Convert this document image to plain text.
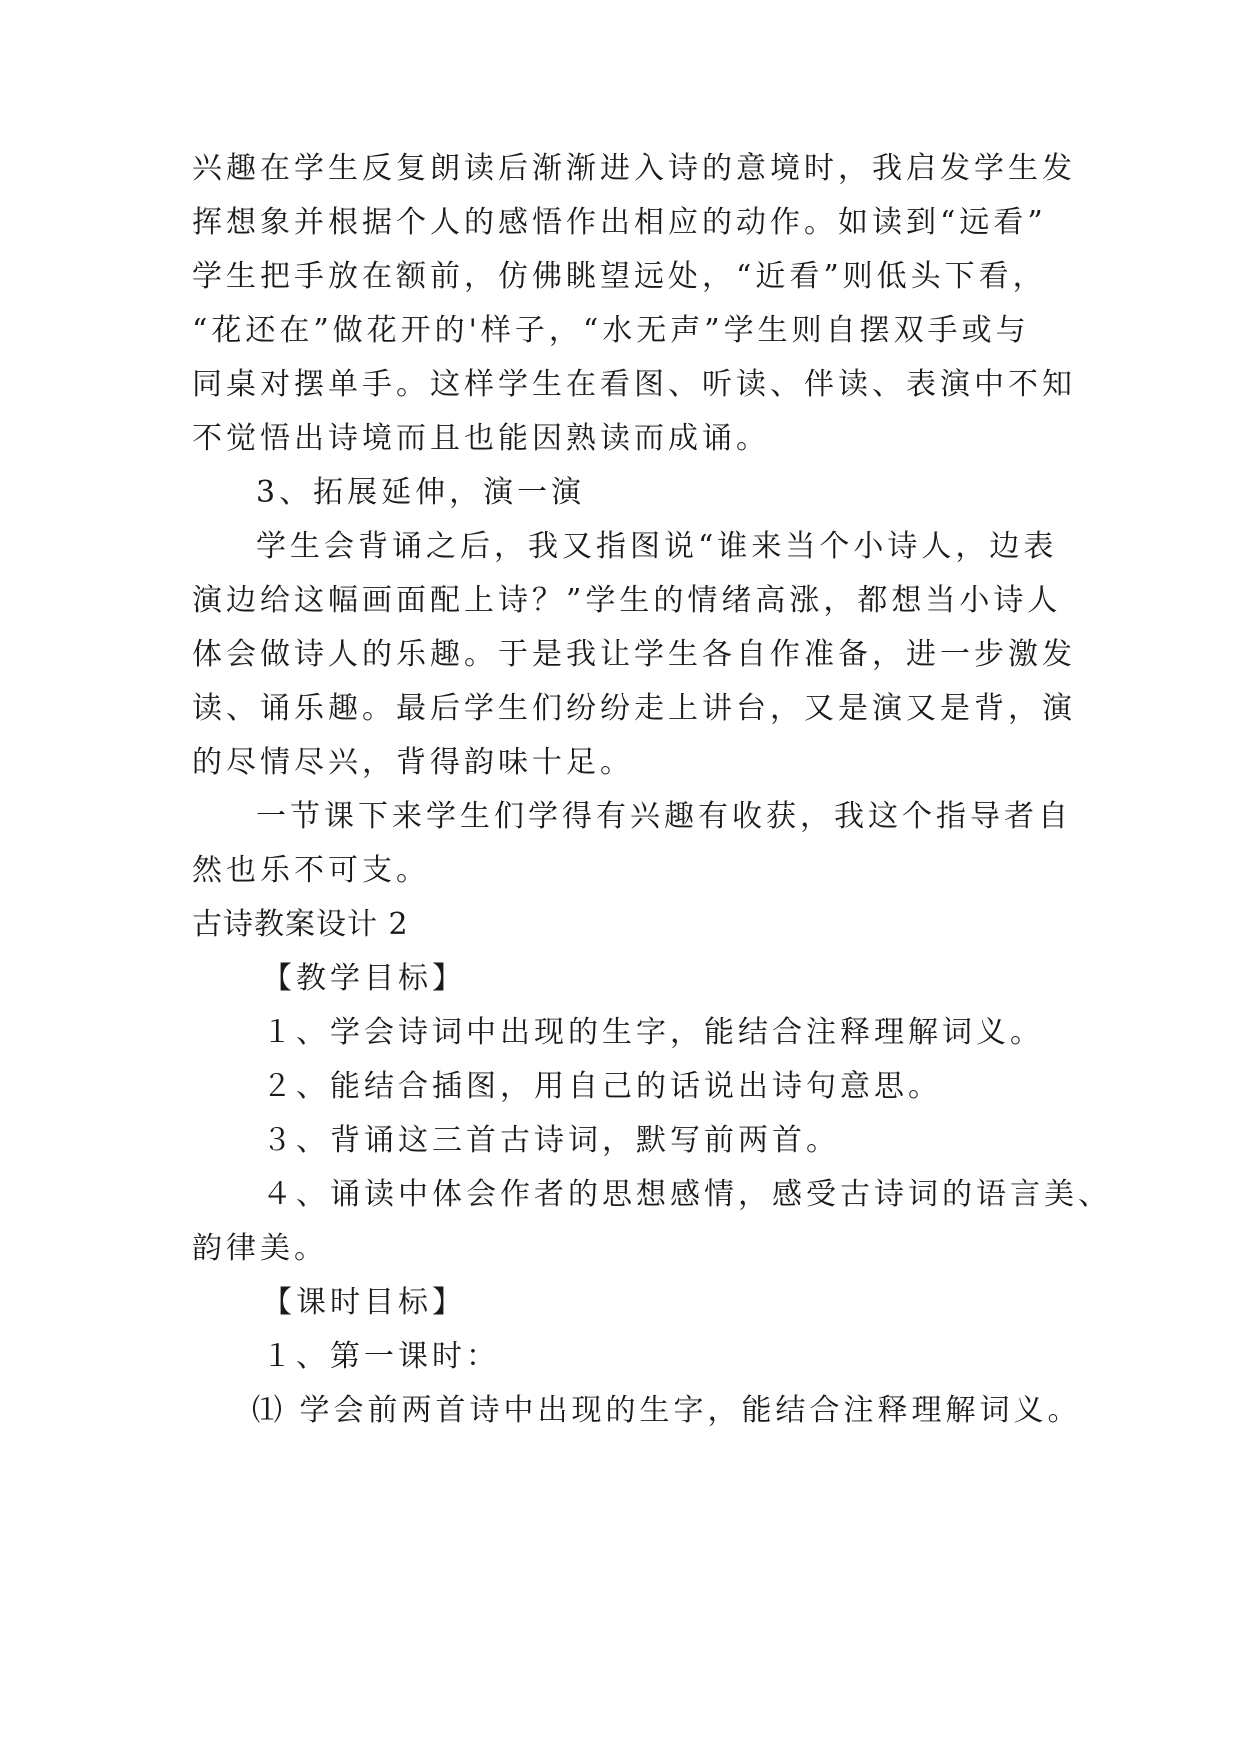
兴趣在学生反复朗读后渐渐进入诗的意境时，我启发学生发
挥想象并根据个人的感悟作出相应的动作。如读到“远看”
学生把手放在额前，仿佛眺望远处，“近看”则低头下看，
“花还在”做花开的'样子，“水无声”学生则自摆双手或与
同桌对摆单手。这样学生在看图、听读、伴读、表演中不知
不觉悟出诗境而且也能因熟读而成诵。
3、拓展延伸，演一演
学生会背诵之后，我又指图说“谁来当个小诗人，边表
演边给这幅画面配上诗？”学生的情绪高涨，都想当小诗人
体会做诗人的乐趣。于是我让学生各自作准备，进一步激发
读、诵乐趣。最后学生们纷纷走上讲台，又是演又是背，演
的尽情尽兴，背得韵味十足。
一节课下来学生们学得有兴趣有收获，我这个指导者自
然也乐不可支。
古诗教案设计 2
【教学目标】
１、学会诗词中出现的生字，能结合注释理解词义。
２、能结合插图，用自己的话说出诗句意思。
３、背诵这三首古诗词，默写前两首。
４、诵读中体会作者的思想感情，感受古诗词的语言美、
韵律美。
【课时目标】
１、第一课时：
⑴ 学会前两首诗中出现的生字，能结合注释理解词义。
